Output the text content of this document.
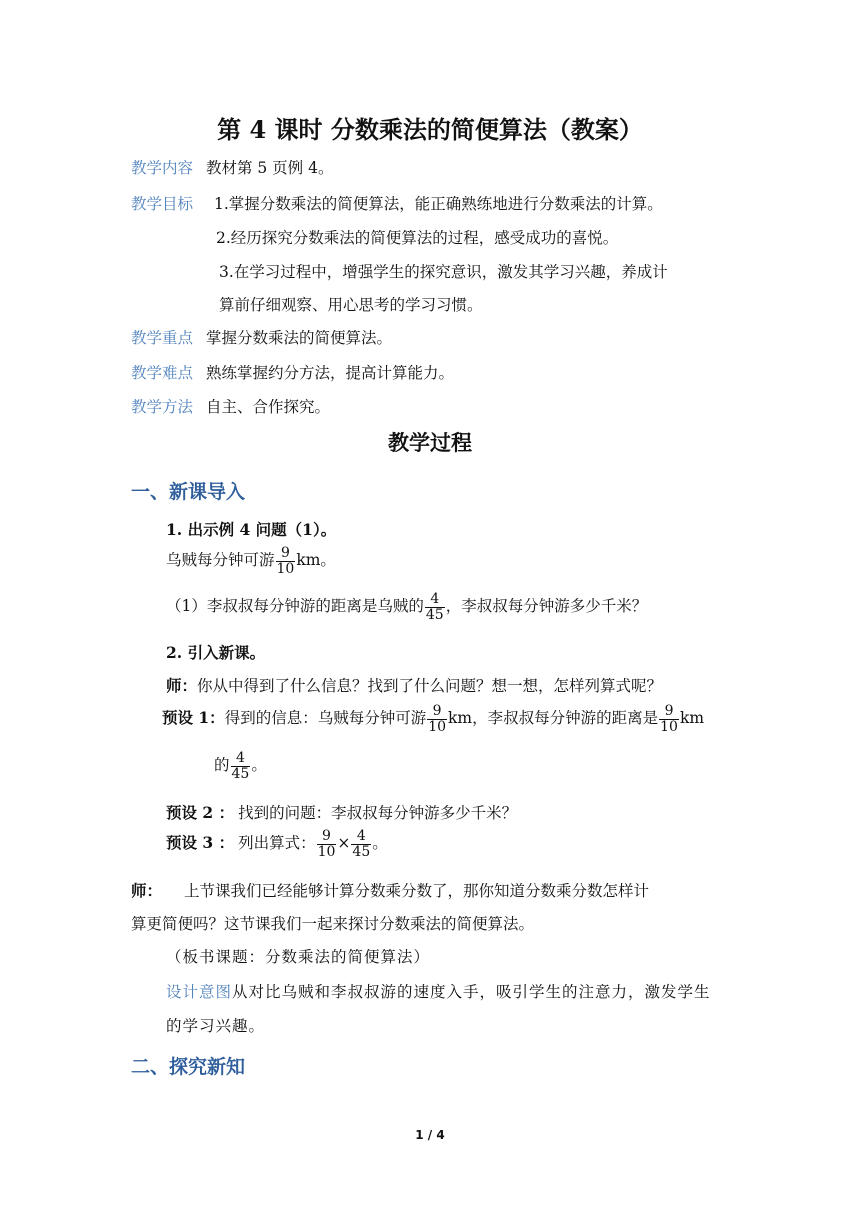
第 4 课时 分数乘法的简便算法（教案）
教学内容 教材第 5 页例 4。
教学目标 1.掌握分数乘法的简便算法，能正确熟练地进行分数乘法的计算。
2.经历探究分数乘法的简便算法的过程，感受成功的喜悦。
3.在学习过程中，增强学生的探究意识，激发其学习兴趣，养成计
算前仔细观察、用心思考的学习习惯。
教学重点 掌握分数乘法的简便算法。
教学难点 熟练掌握约分方法，提高计算能力。
教学方法 自主、合作探究。
教学过程
一、新课导入
1. 出示例 4 问题（1）。
乌贼每分钟可游 $\frac{9}{10}$ km。
（1）李叔叔每分钟游的距离是乌贼的 $\frac{4}{45}$ ，李叔叔每分钟游多少千米？
2. 引入新课。
师：你从中得到了什么信息？找到了什么问题？想一想，怎样列算式呢？
预设 1：得到的信息：乌贼每分钟可游 $\frac{9}{10}$ km，李叔叔每分钟游的距离是 $\frac{9}{10}$ km
的 $\frac{4}{45}$ 。
预设 2 ： 找到的问题：李叔叔每分钟游多少千米？
预设 3 ： 列出算式： $\frac{9}{10} \times \frac{4}{45}$ 。
师： 上节课我们已经能够计算分数乘分数了，那你知道分数乘分数怎样计
算更简便吗？这节课我们一起来探讨分数乘法的简便算法。
（板书课题：分数乘法的简便算法）
设计意图从对比乌贼和李叔叔游的速度入手，吸引学生的注意力，激发学生
的学习兴趣。
二、探究新知
1 / 4
